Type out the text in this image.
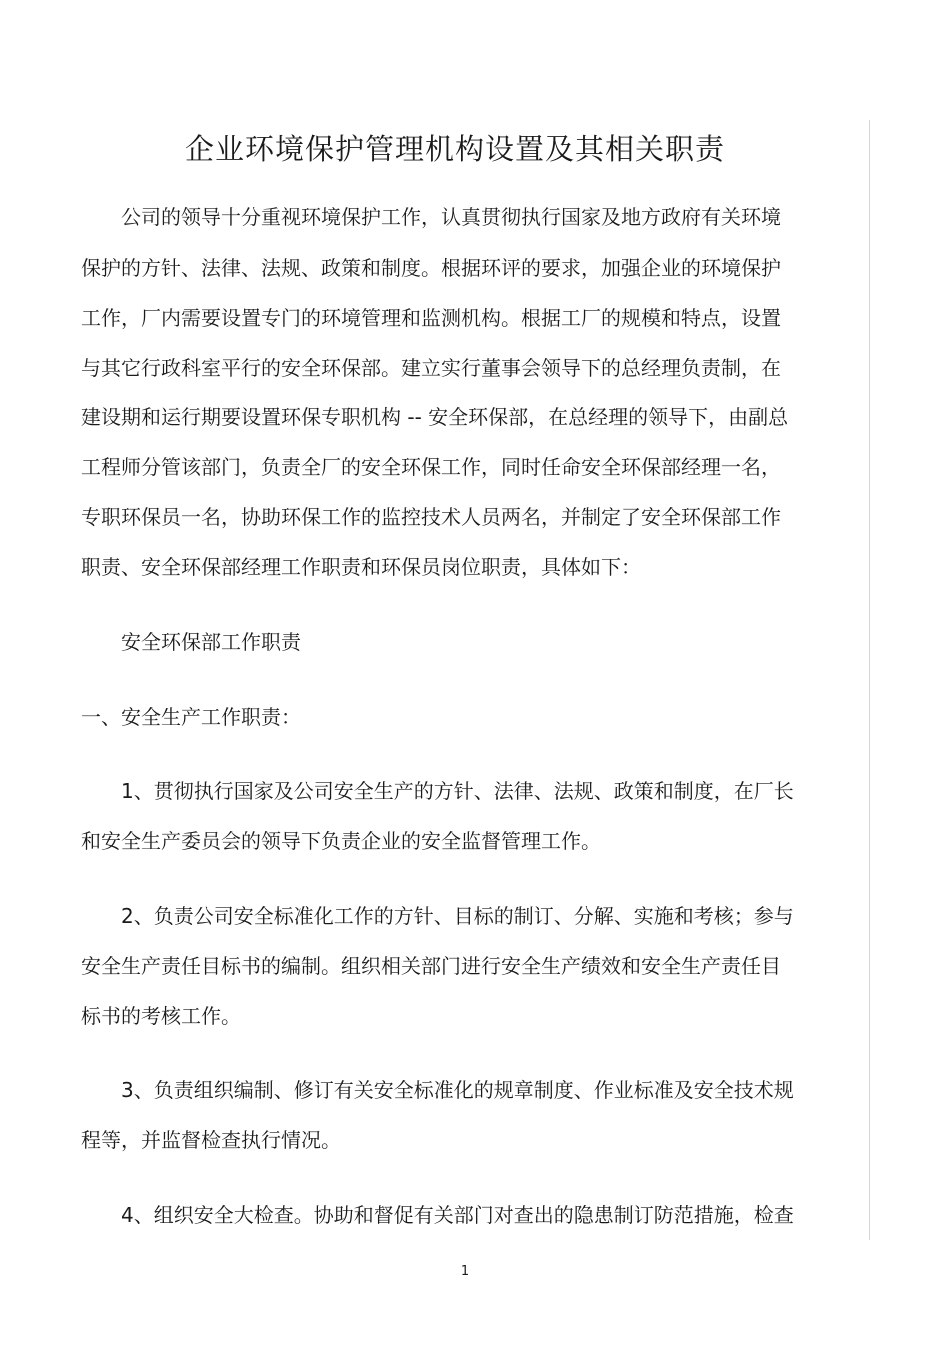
企业环境保护管理机构设置及其相关职责
公司的领导十分重视环境保护工作，认真贯彻执行国家及地方政府有关环境
保护的方针、法律、法规、政策和制度。根据环评的要求，加强企业的环境保护
工作，厂内需要设置专门的环境管理和监测机构。根据工厂的规模和特点，设置
与其它行政科室平行的安全环保部。建立实行董事会领导下的总经理负责制，在
建设期和运行期要设置环保专职机构 -- 安全环保部，在总经理的领导下，由副总
工程师分管该部门，负责全厂的安全环保工作，同时任命安全环保部经理一名，
专职环保员一名，协助环保工作的监控技术人员两名，并制定了安全环保部工作
职责、安全环保部经理工作职责和环保员岗位职责，具体如下：
安全环保部工作职责
一、安全生产工作职责：
1、贯彻执行国家及公司安全生产的方针、法律、法规、政策和制度，在厂长
和安全生产委员会的领导下负责企业的安全监督管理工作。
2、负责公司安全标准化工作的方针、目标的制订、分解、实施和考核；参与
安全生产责任目标书的编制。组织相关部门进行安全生产绩效和安全生产责任目
标书的考核工作。
3、负责组织编制、修订有关安全标准化的规章制度、作业标准及安全技术规
程等，并监督检查执行情况。
4、组织安全大检查。协助和督促有关部门对查出的隐患制订防范措施，检查
1
